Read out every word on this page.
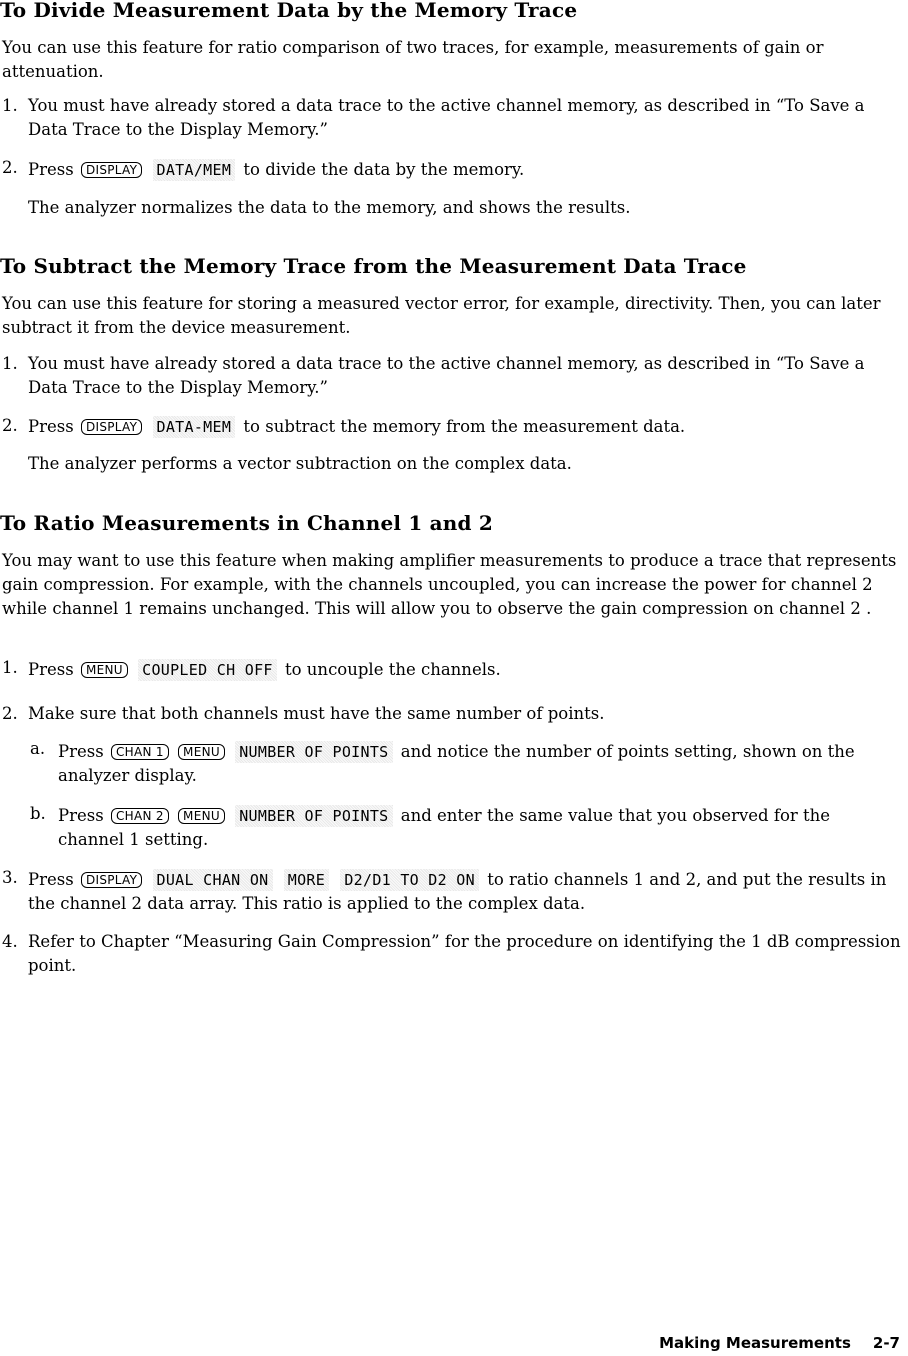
To Divide Measurement Data by the Memory Trace

You can use this feature for ratio comparison of two traces, for example, measurements of gain or attenuation.

1. You must have already stored a data trace to the active channel memory, as described in “To Save a Data Trace to the Display Memory.”
2. Press DISPLAY DATA/MEM to divide the data by the memory.
The analyzer normalizes the data to the memory, and shows the results.
To Subtract the Memory Trace from the Measurement Data Trace

You can use this feature for storing a measured vector error, for example, directivity. Then, you can later subtract it from the device measurement.

1. You must have already stored a data trace to the active channel memory, as described in “To Save a Data Trace to the Display Memory.”
2. Press DISPLAY DATA-MEM to subtract the memory from the measurement data.
The analyzer performs a vector subtraction on the complex data.
To Ratio Measurements in Channel 1 and 2

You may want to use this feature when making amplifier measurements to produce a trace that represents gain compression. For example, with the channels uncoupled, you can increase the power for channel 2 while channel 1 remains unchanged. This will allow you to observe the gain compression on channel 2 .

1. Press MENU COUPLED CH OFF to uncouple the channels.
2. Make sure that both channels must have the same number of points.
a. Press CHAN 1 MENU NUMBER OF POINTS and notice the number of points setting, shown on the analyzer display.
b. Press CHAN 2 MENU NUMBER OF POINTS and enter the same value that you observed for the channel 1 setting.
3. Press DISPLAY DUAL CHAN ON MORE D2/D1 TO D2 ON to ratio channels 1 and 2, and put the results in the channel 2 data array. This ratio is applied to the complex data.
4. Refer to Chapter “Measuring Gain Compression” for the procedure on identifying the 1 dB compression point.
Making Measurements 2-7
